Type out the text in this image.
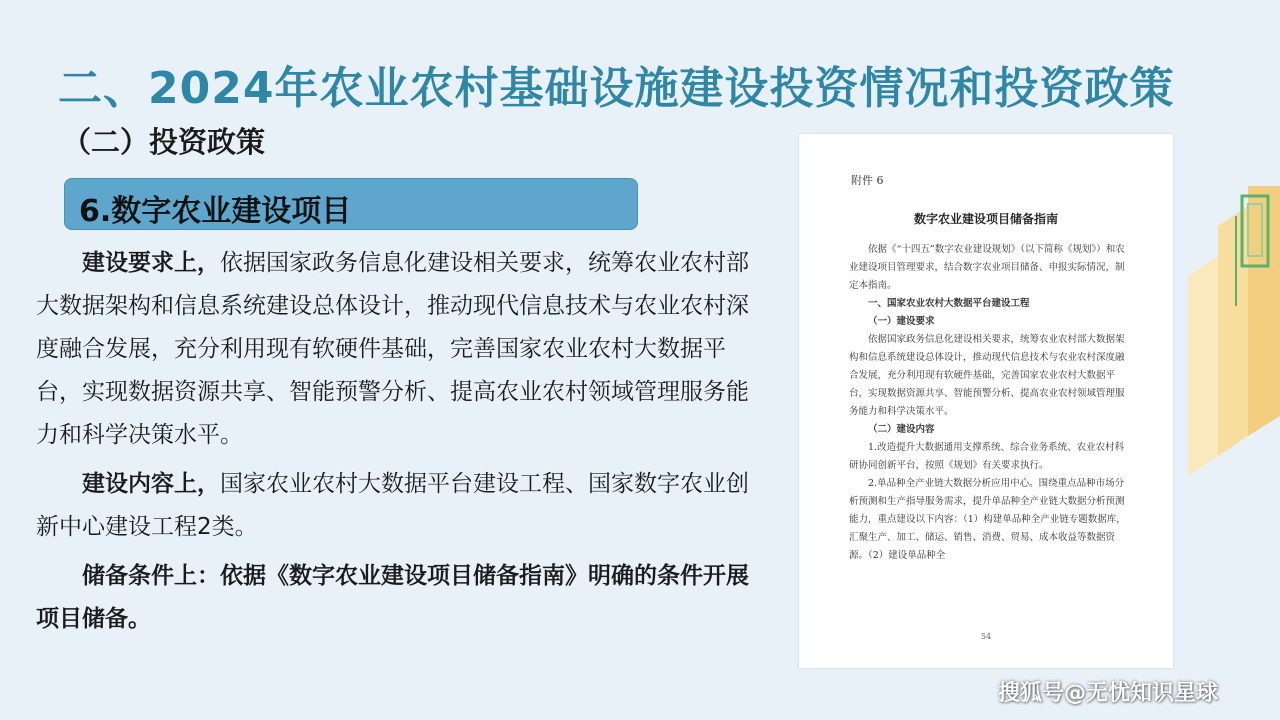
二、2024年农业农村基础设施建设投资情况和投资政策
（二）投资政策
6.数字农业建设项目

建设要求上，依据国家政务信息化建设相关要求，统筹农业农村部大数据架构和信息系统建设总体设计，推动现代信息技术与农业农村深度融合发展，充分利用现有软硬件基础，完善国家农业农村大数据平台，实现数据资源共享、智能预警分析、提高农业农村领域管理服务能力和科学决策水平。

建设内容上，国家农业农村大数据平台建设工程、国家数字农业创新中心建设工程2类。

储备条件上：依据《数字农业建设项目储备指南》明确的条件开展项目储备。

附件 6
数字农业建设项目储备指南

依据《“十四五”数字农业建设规划》（以下简称《规划》）和农业建设项目管理要求，结合数字农业项目储备、申报实际情况，制定本指南。

一、国家农业农村大数据平台建设工程

（一）建设要求

依据国家政务信息化建设相关要求，统筹农业农村部大数据架构和信息系统建设总体设计，推动现代信息技术与农业农村深度融合发展，充分利用现有软硬件基础，完善国家农业农村大数据平台，实现数据资源共享、智能预警分析、提高农业农村领域管理服务能力和科学决策水平。

（二）建设内容

1.改造提升大数据通用支撑系统、综合业务系统、农业农村科研协同创新平台，按照《规划》有关要求执行。

2.单品种全产业链大数据分析应用中心。围绕重点品种市场分析预测和生产指导服务需求，提升单品种全产业链大数据分析预测能力，重点建设以下内容：（1）构建单品种全产业链专题数据库，汇聚生产、加工、储运、销售、消费、贸易、成本收益等数据资源。（2）建设单品种全

54
搜狐号@无忧知识星球
